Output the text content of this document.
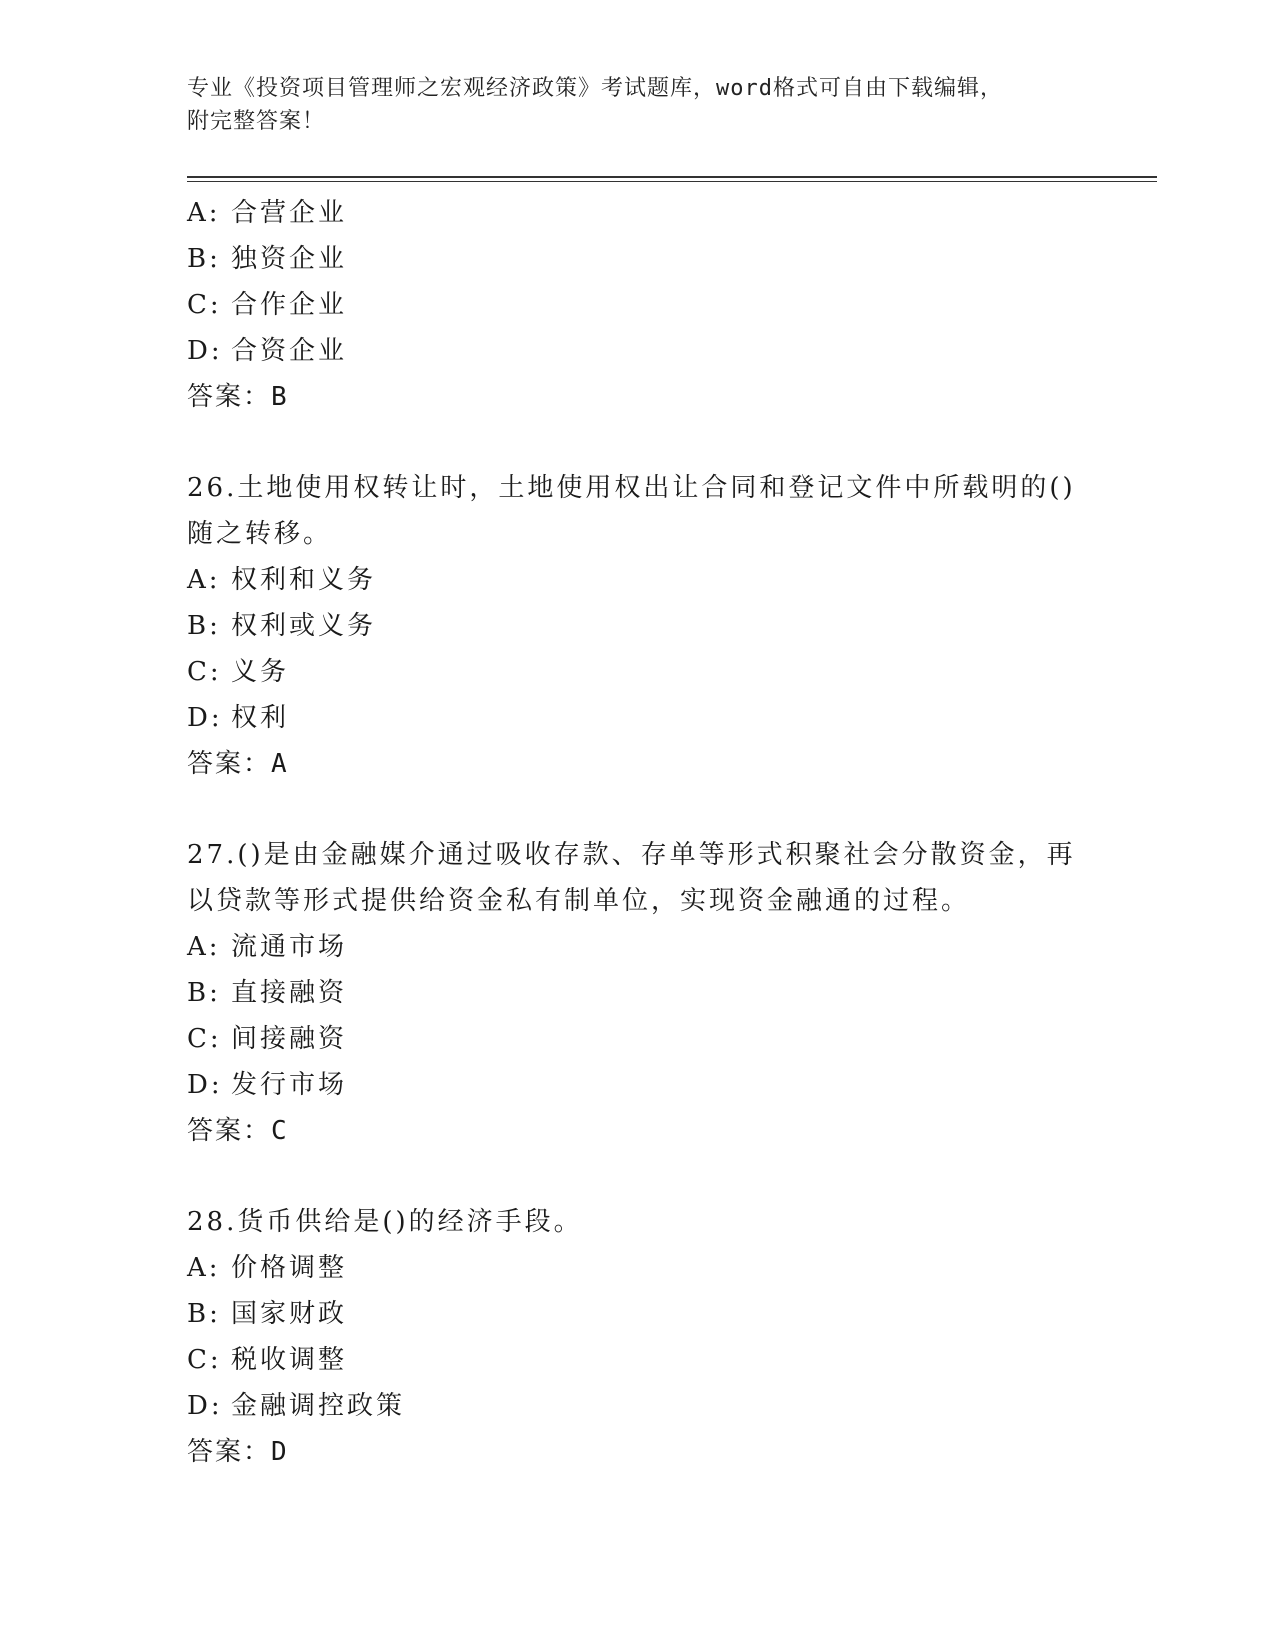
专业《投资项目管理师之宏观经济政策》考试题库，word格式可自由下载编辑，
附完整答案！
A: 合营企业
B: 独资企业
C: 合作企业
D: 合资企业
答案：B
26.土地使用权转让时，土地使用权出让合同和登记文件中所载明的()
随之转移。
A: 权利和义务
B: 权利或义务
C: 义务
D: 权利
答案：A
27.()是由金融媒介通过吸收存款、存单等形式积聚社会分散资金，再
以贷款等形式提供给资金私有制单位，实现资金融通的过程。
A: 流通市场
B: 直接融资
C: 间接融资
D: 发行市场
答案：C
28.货币供给是()的经济手段。
A: 价格调整
B: 国家财政
C: 税收调整
D: 金融调控政策
答案：D
